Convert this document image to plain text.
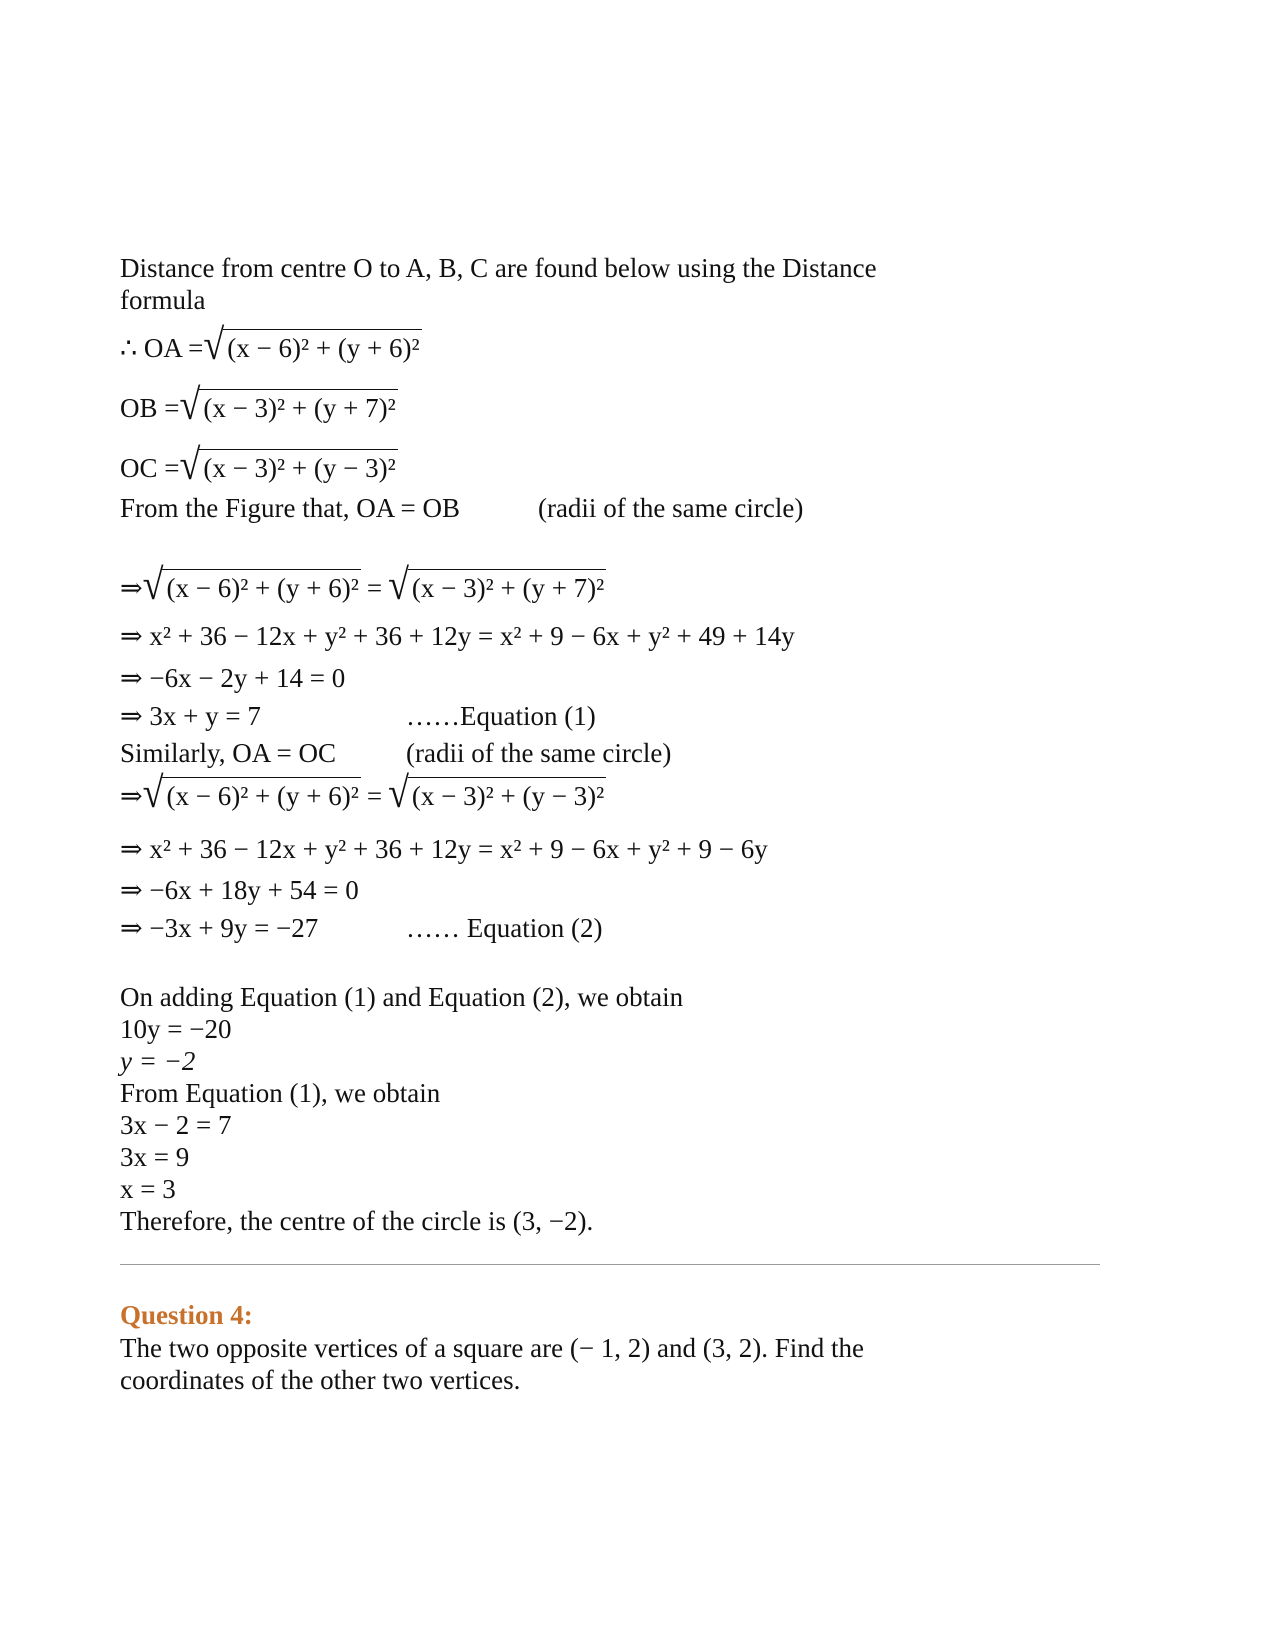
Distance from centre O to A, B, C are found below using the Distance
formula
∴ OA = √ (x − 6)² + (y + 6)²
OB = √ (x − 3)² + (y + 7)²
OC = √ (x − 3)² + (y − 3)²
From the Figure that, OA = OB	(radii of the same circle)
⇒ √ (x − 6)² + (y + 6)² = √ (x − 3)² + (y + 7)²
⇒ x² + 36 − 12x + y² + 36 + 12y = x² + 9 − 6x + y² + 49 + 14y
⇒ −6x − 2y + 14 = 0
⇒ 3x + y = 7	……Equation (1)
Similarly, OA = OC	(radii of the same circle)
⇒ √ (x − 6)² + (y + 6)² = √ (x − 3)² + (y − 3)²
⇒ x² + 36 − 12x + y² + 36 + 12y = x² + 9 − 6x + y² + 9 − 6y
⇒ −6x + 18y + 54 = 0
⇒ −3x + 9y = −27	…… Equation (2)
On adding Equation (1) and Equation (2), we obtain
10y = −20
y = −2
From Equation (1), we obtain
3x − 2 = 7
3x = 9
x = 3
Therefore, the centre of the circle is (3, −2).
Question 4:
The two opposite vertices of a square are (− 1, 2) and (3, 2). Find the
coordinates of the other two vertices.
